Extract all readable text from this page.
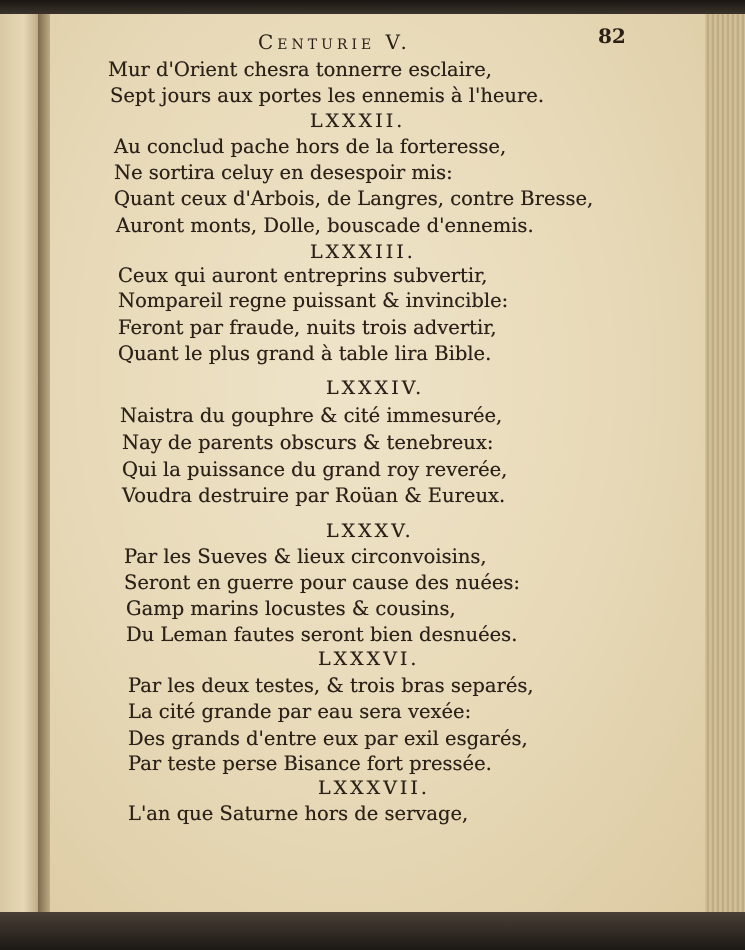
Centurie V.	82
Mur d'Orient chesra tonnerre esclaire,
Sept jours aux portes les ennemis à l'heure.
LXXXII.
Au conclud pache hors de la forteresse,
Ne sortira celuy en desespoir mis:
Quant ceux d'Arbois, de Langres, contre Bresse,
Auront monts, Dolle, bouscade d'ennemis.
LXXXIII.
Ceux qui auront entreprins subvertir,
Nompareil regne puissant & invincible:
Feront par fraude, nuits trois advertir,
Quant le plus grand à table lira Bible.
LXXXIV.
Naistra du gouphre & cité immesurée,
Nay de parents obscurs & tenebreux:
Qui la puissance du grand roy reverée,
Voudra destruire par Roüan & Eureux.
LXXXV.
Par les Sueves & lieux circonvoisins,
Seront en guerre pour cause des nuées:
Gamp marins locustes & cousins,
Du Leman fautes seront bien desnuées.
LXXXVI.
Par les deux testes, & trois bras separés,
La cité grande par eau sera vexée:
Des grands d'entre eux par exil esgarés,
Par teste perse Bisance fort pressée.
LXXXVII.
L'an que Saturne hors de servage,
